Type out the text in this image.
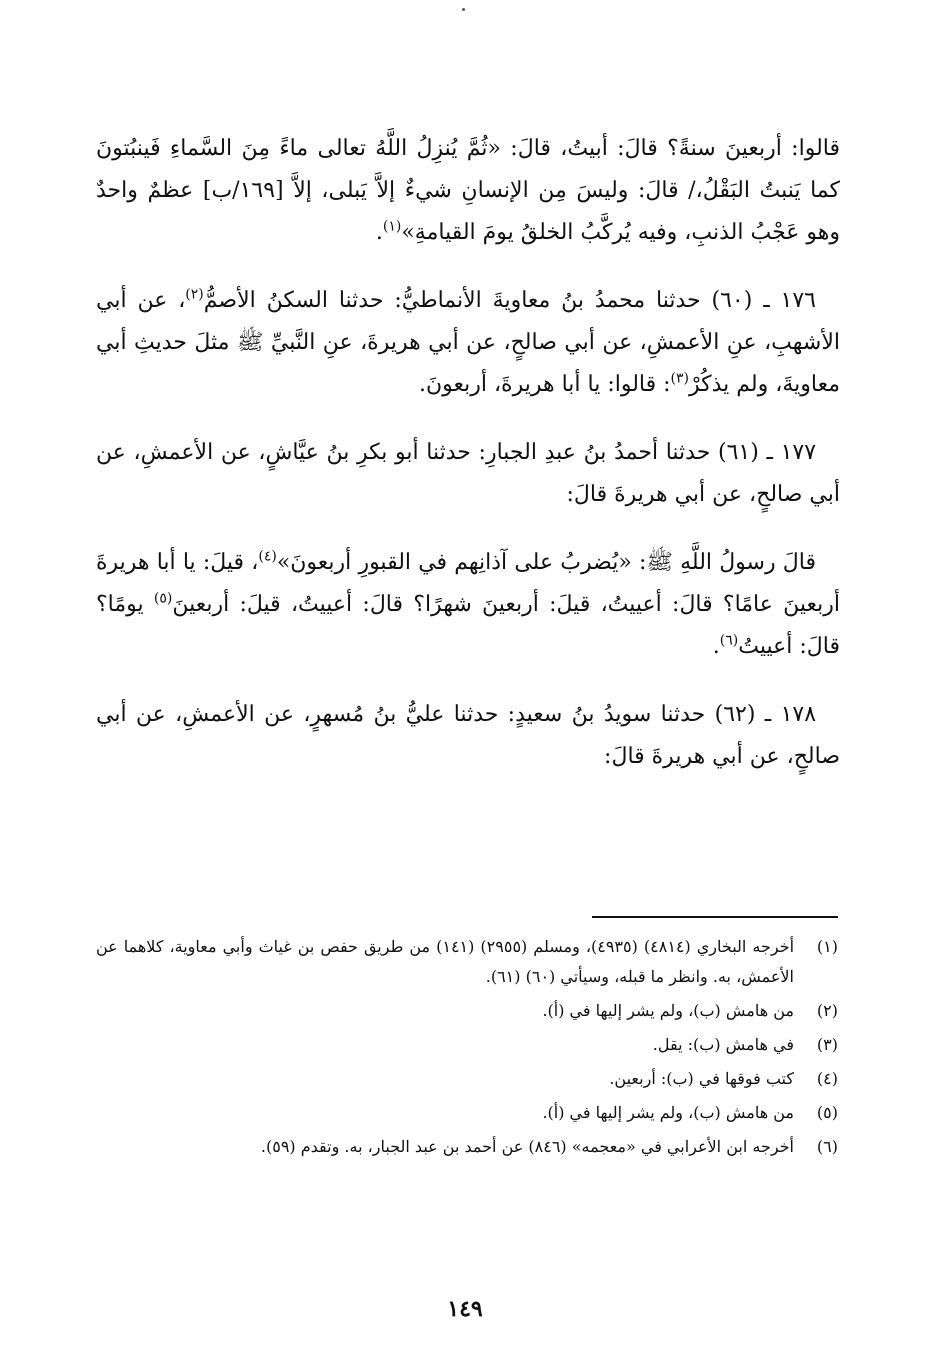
قالوا: أربعينَ سنةً؟ قالَ: أبيتُ، قالَ: «ثُمَّ يُنزِلُ اللَّهُ تعالى ماءً مِنَ السَّماءِ فَينبُتونَ كما يَنبتُ البَقْلُ،/ قالَ: وليسَ مِن الإنسانِ شيءٌ إلاَّ يَبلى، إلاَّ [١٦٩/ب] عظمٌ واحدٌ وهو عَجْبُ الذنبِ، وفيه يُركَّبُ الخلقُ يومَ القيامةِ»$^{(١)}$.

١٧٦ ـ (٦٠) حدثنا محمدُ بنُ معاويةَ الأنماطيُّ: حدثنا السكنُ الأصمُّ$^{(٢)}$، عن أبي الأشهبِ، عنِ الأعمشِ، عن أبي صالحٍ، عن أبي هريرةَ، عنِ النَّبيِّ ﷺ مثلَ حديثِ أبي معاويةَ، ولم يذكُرْ$^{(٣)}$: قالوا: يا أبا هريرةَ، أربعونَ.

١٧٧ ـ (٦١) حدثنا أحمدُ بنُ عبدِ الجبارِ: حدثنا أبو بكرِ بنُ عيَّاشٍ، عن الأعمشِ، عن أبي صالحٍ، عن أبي هريرةَ قالَ:

قالَ رسولُ اللَّهِ ﷺ: «يُضربُ على آذانِهم في القبورِ أربعونَ»$^{(٤)}$، قيلَ: يا أبا هريرةَ أربعينَ عامًا؟ قالَ: أعييتُ، قيلَ: أربعينَ شهرًا؟ قالَ: أعييتُ، قيلَ: أربعينَ$^{(٥)}$ يومًا؟ قالَ: أعييتُ$^{(٦)}$.

١٧٨ ـ (٦٢) حدثنا سويدُ بنُ سعيدٍ: حدثنا عليُّ بنُ مُسهرٍ، عن الأعمشِ، عن أبي صالحٍ، عن أبي هريرةَ قالَ:

(١)
أخرجه البخاري (٤٨١٤) (٤٩٣٥)، ومسلم (٢٩٥٥) (١٤١) من طريق حفص بن غياث وأبي معاوية، كلاهما عن الأعمش، به. وانظر ما قبله، وسيأتي (٦٠) (٦١).
(٢)
من هامش (ب)، ولم يشر إليها في (أ).
(٣)
في هامش (ب): يقل.
(٤)
كتب فوقها في (ب): أربعين.
(٥)
من هامش (ب)، ولم يشر إليها في (أ).
(٦)
أخرجه ابن الأعرابي في «معجمه» (٨٤٦) عن أحمد بن عبد الجبار، به. وتقدم (٥٩).
١٤٩
